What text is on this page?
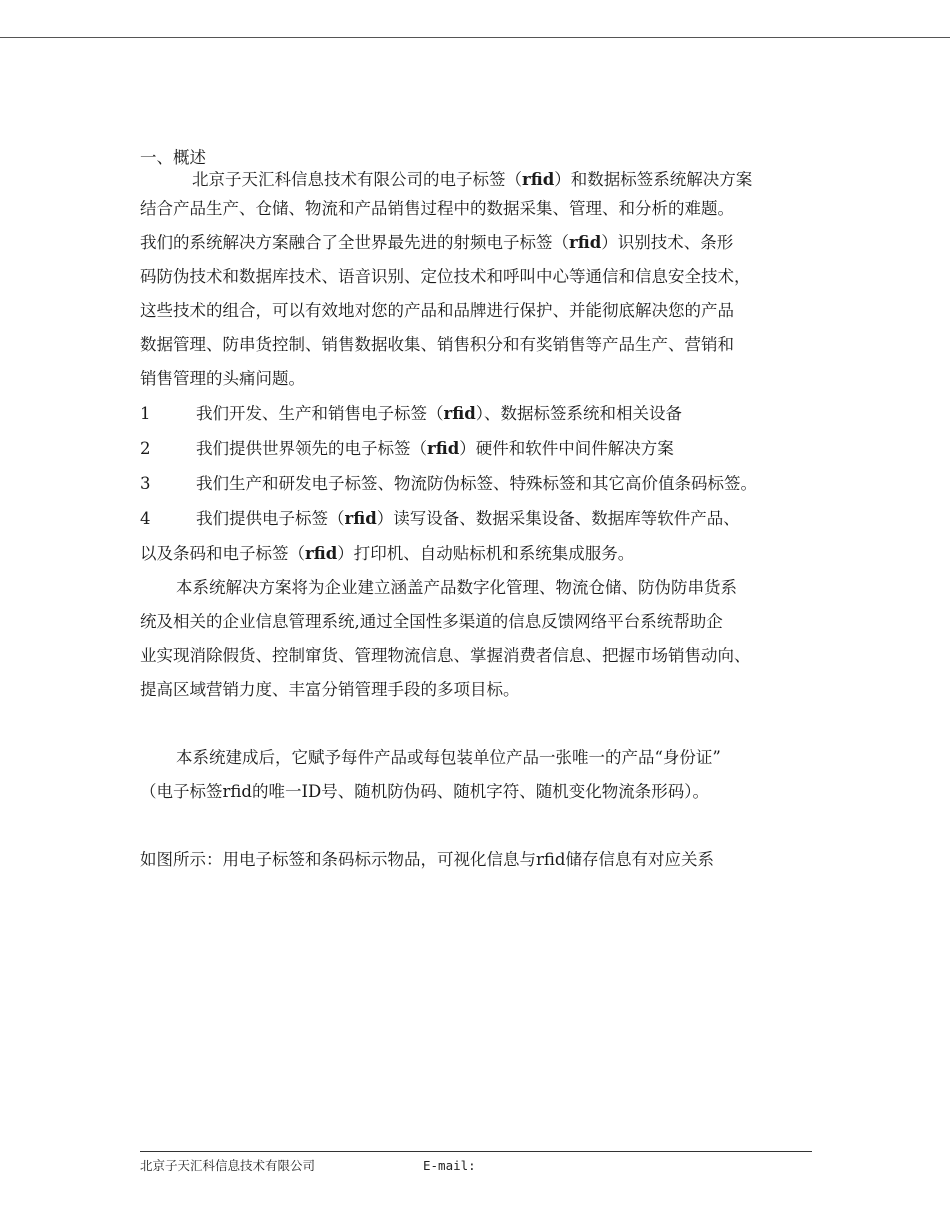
一、概述
北京子天汇科信息技术有限公司的电子标签（rfid）和数据标签系统解决方案
结合产品生产、仓储、物流和产品销售过程中的数据采集、管理、和分析的难题。
我们的系统解决方案融合了全世界最先进的射频电子标签（rfid）识别技术、条形
码防伪技术和数据库技术、语音识别、定位技术和呼叫中心等通信和信息安全技术，
这些技术的组合，可以有效地对您的产品和品牌进行保护、并能彻底解决您的产品
数据管理、防串货控制、销售数据收集、销售积分和有奖销售等产品生产、营销和
销售管理的头痛问题。
1	我们开发、生产和销售电子标签（rfid）、数据标签系统和相关设备
2	我们提供世界领先的电子标签（rfid）硬件和软件中间件解决方案
3	我们生产和研发电子标签、物流防伪标签、特殊标签和其它高价值条码标签。
4	我们提供电子标签（rfid）读写设备、数据采集设备、数据库等软件产品、
以及条码和电子标签（rfid）打印机、自动贴标机和系统集成服务。
本系统解决方案将为企业建立涵盖产品数字化管理、物流仓储、防伪防串货系
统及相关的企业信息管理系统,通过全国性多渠道的信息反馈网络平台系统帮助企
业实现消除假货、控制窜货、管理物流信息、掌握消费者信息、把握市场销售动向、
提高区域营销力度、丰富分销管理手段的多项目标。
本系统建成后，它赋予每件产品或每包装单位产品一张唯一的产品“身份证”
（电子标签rfid的唯一ID号、随机防伪码、随机字符、随机变化物流条形码）。
如图所示：用电子标签和条码标示物品，可视化信息与rfid储存信息有对应关系
北京子天汇科信息技术有限公司	E-mail:
